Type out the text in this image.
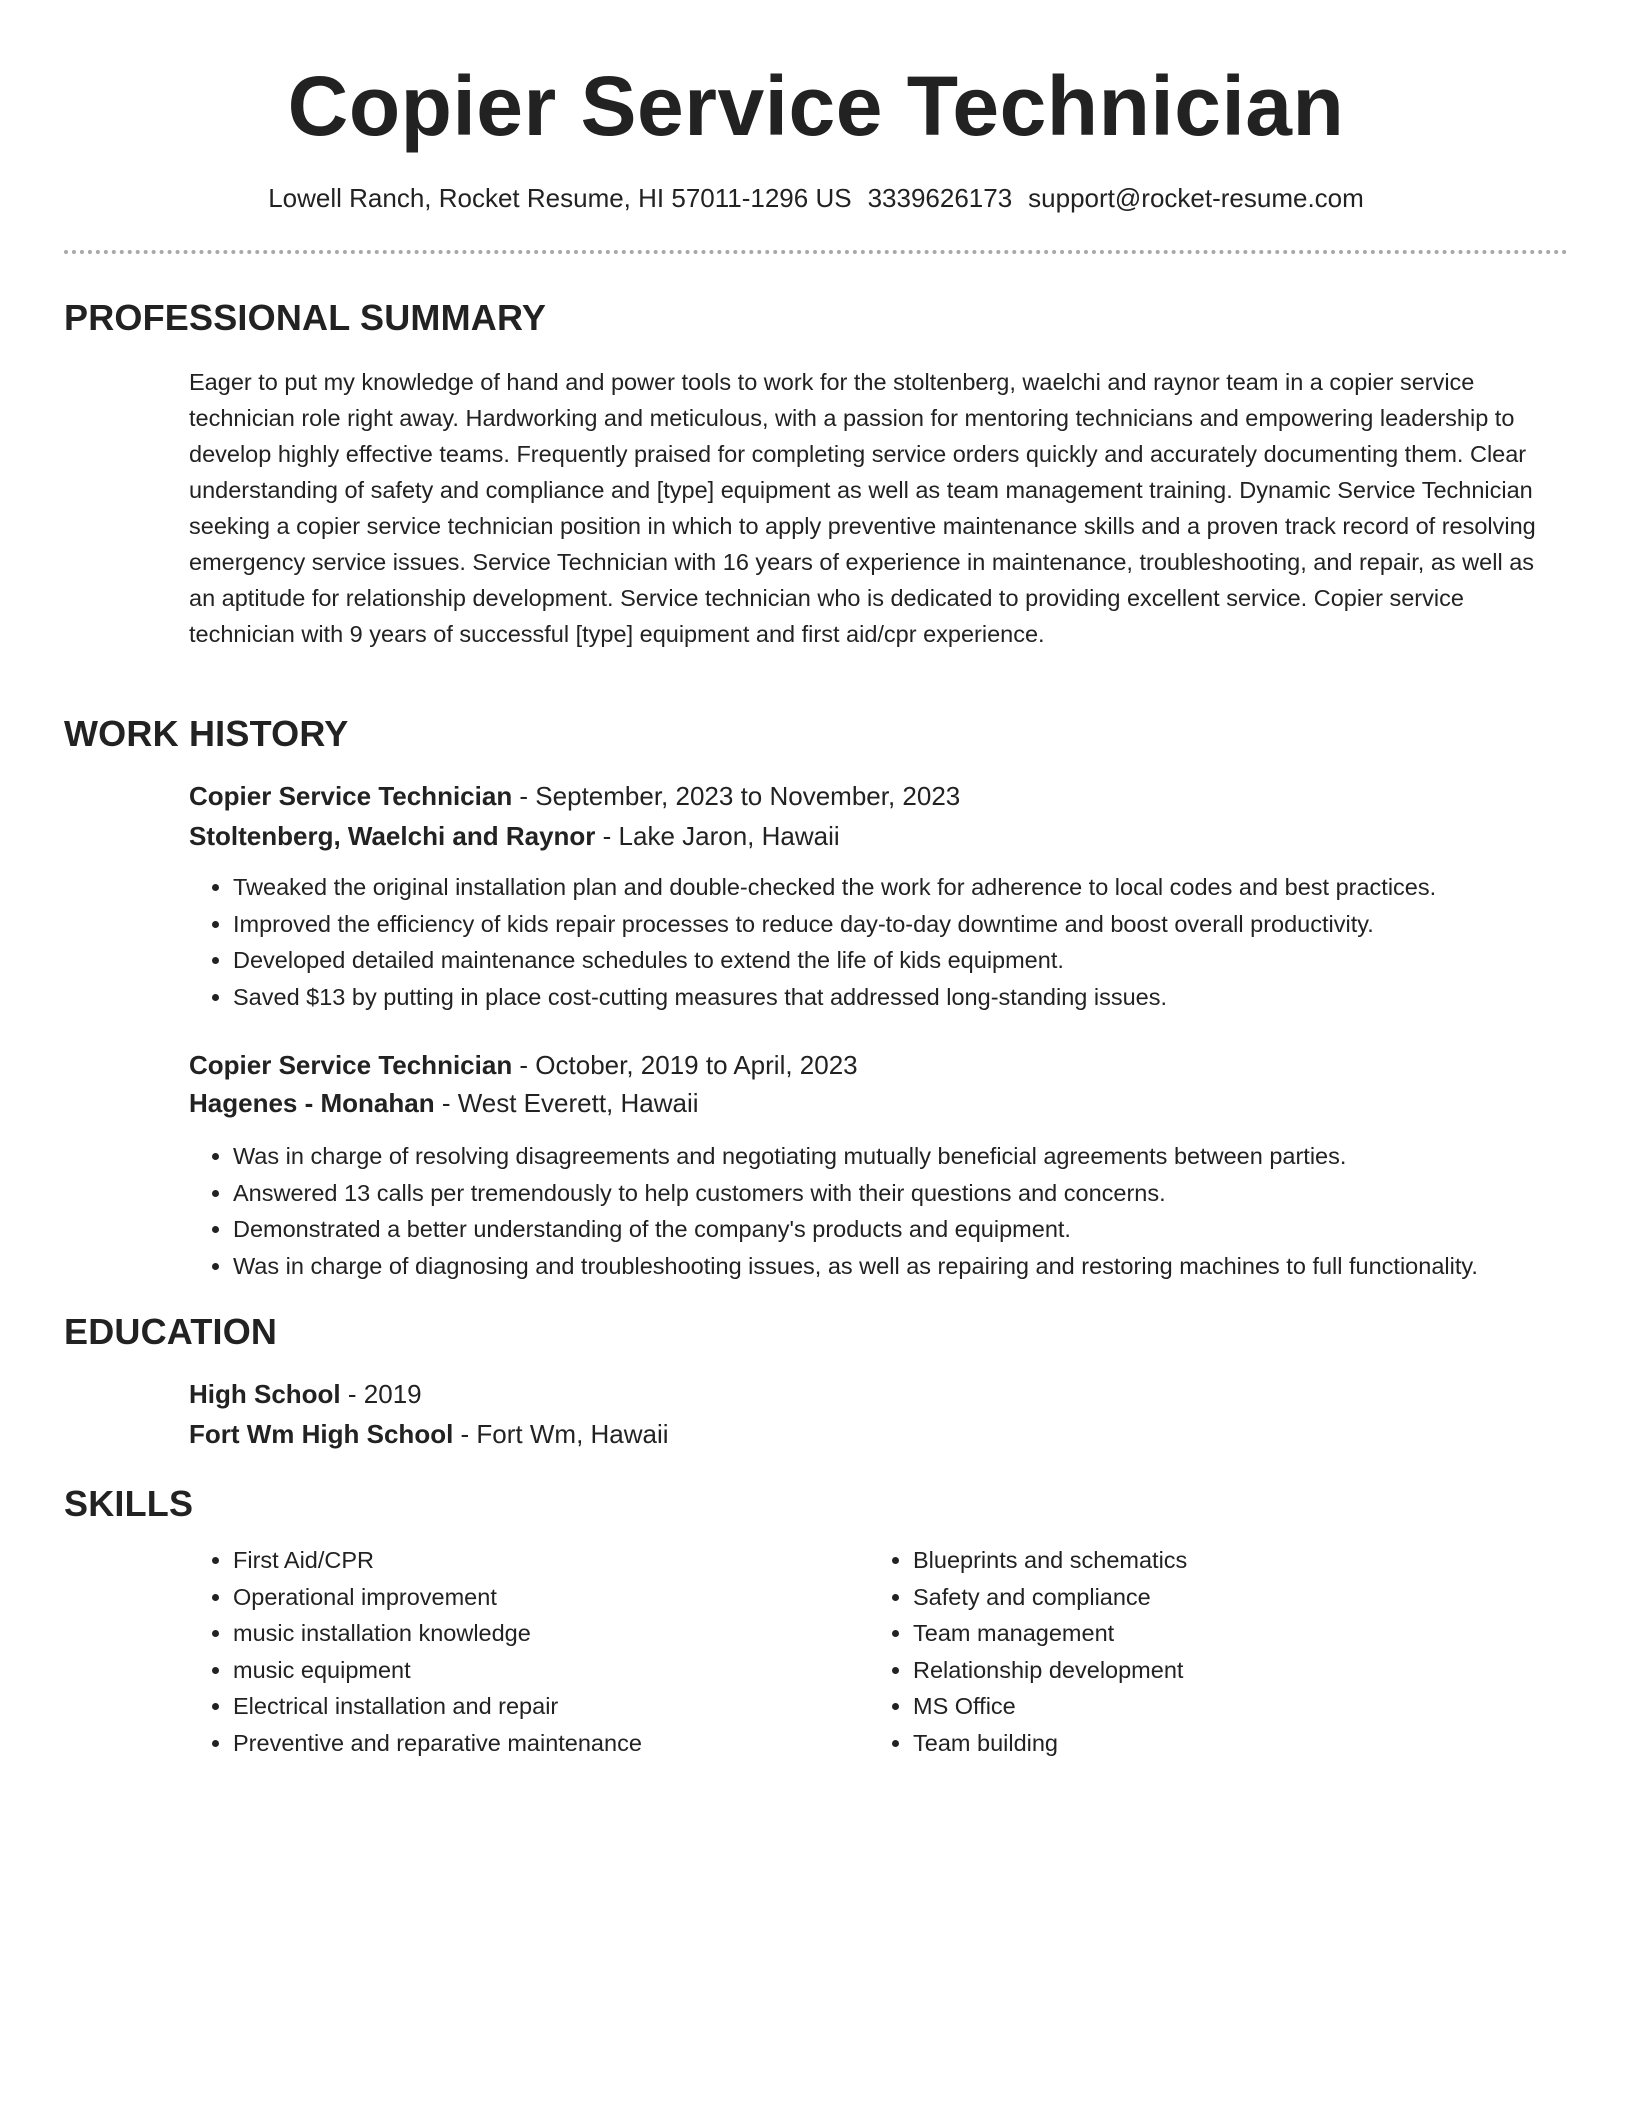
Copier Service Technician
Lowell Ranch, Rocket Resume, HI 57011-1296 US 3339626173 support@rocket-resume.com
PROFESSIONAL SUMMARY

Eager to put my knowledge of hand and power tools to work for the stoltenberg, waelchi and raynor team in a copier service technician role right away. Hardworking and meticulous, with a passion for mentoring technicians and empowering leadership to develop highly effective teams. Frequently praised for completing service orders quickly and accurately documenting them. Clear understanding of safety and compliance and [type] equipment as well as team management training. Dynamic Service Technician seeking a copier service technician position in which to apply preventive maintenance skills and a proven track record of resolving emergency service issues. Service Technician with 16 years of experience in maintenance, troubleshooting, and repair, as well as an aptitude for relationship development. Service technician who is dedicated to providing excellent service. Copier service technician with 9 years of successful [type] equipment and first aid/cpr experience.

WORK HISTORY
Copier Service Technician - September, 2023 to November, 2023
Stoltenberg, Waelchi and Raynor - Lake Jaron, Hawaii
• Tweaked the original installation plan and double-checked the work for adherence to local codes and best practices.
• Improved the efficiency of kids repair processes to reduce day-to-day downtime and boost overall productivity.
• Developed detailed maintenance schedules to extend the life of kids equipment.
• Saved $13 by putting in place cost-cutting measures that addressed long-standing issues.
Copier Service Technician - October, 2019 to April, 2023
Hagenes - Monahan - West Everett, Hawaii
• Was in charge of resolving disagreements and negotiating mutually beneficial agreements between parties.
• Answered 13 calls per tremendously to help customers with their questions and concerns.
• Demonstrated a better understanding of the company's products and equipment.
• Was in charge of diagnosing and troubleshooting issues, as well as repairing and restoring machines to full functionality.
EDUCATION
High School - 2019
Fort Wm High School - Fort Wm, Hawaii
SKILLS
• First Aid/CPR
• Operational improvement
• music installation knowledge
• music equipment
• Electrical installation and repair
• Preventive and reparative maintenance
• Blueprints and schematics
• Safety and compliance
• Team management
• Relationship development
• MS Office
• Team building
